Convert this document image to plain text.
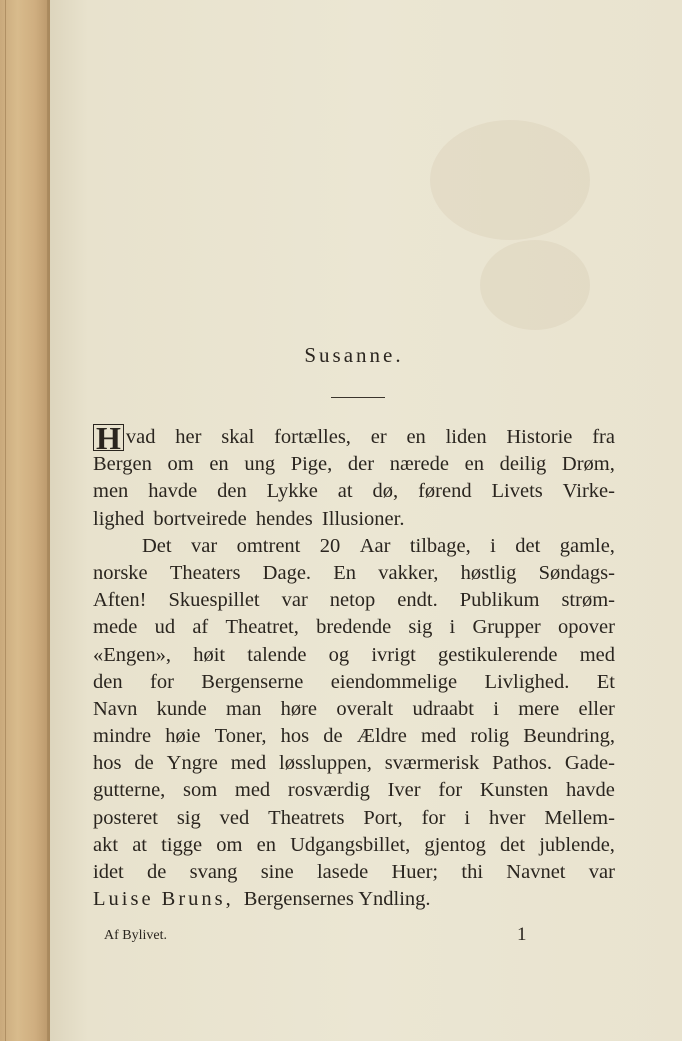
Susanne.
H vad her skal fortælles, er en liden Historie fra
Bergen om en ung Pige, der nærede en deilig Drøm,
men havde den Lykke at dø, førend Livets Virke-
lighed bortveirede hendes Illusioner.
Det var omtrent 20 Aar tilbage, i det gamle,
norske Theaters Dage. En vakker, høstlig Søndags-
Aften! Skuespillet var netop endt. Publikum strøm-
mede ud af Theatret, bredende sig i Grupper opover
«Engen», høit talende og ivrigt gestikulerende med
den for Bergenserne eiendommelige Livlighed. Et
Navn kunde man høre overalt udraabt i mere eller
mindre høie Toner, hos de Ældre med rolig Beundring,
hos de Yngre med løssluppen, sværmerisk Pathos. Gade-
gutterne, som med rosværdig Iver for Kunsten havde
posteret sig ved Theatrets Port, for i hver Mellem-
akt at tigge om en Udgangsbillet, gjentog det jublende,
idet de svang sine lasede Huer; thi Navnet var
Luise Bruns, Bergensernes Yndling.
Af Bylivet.	1
